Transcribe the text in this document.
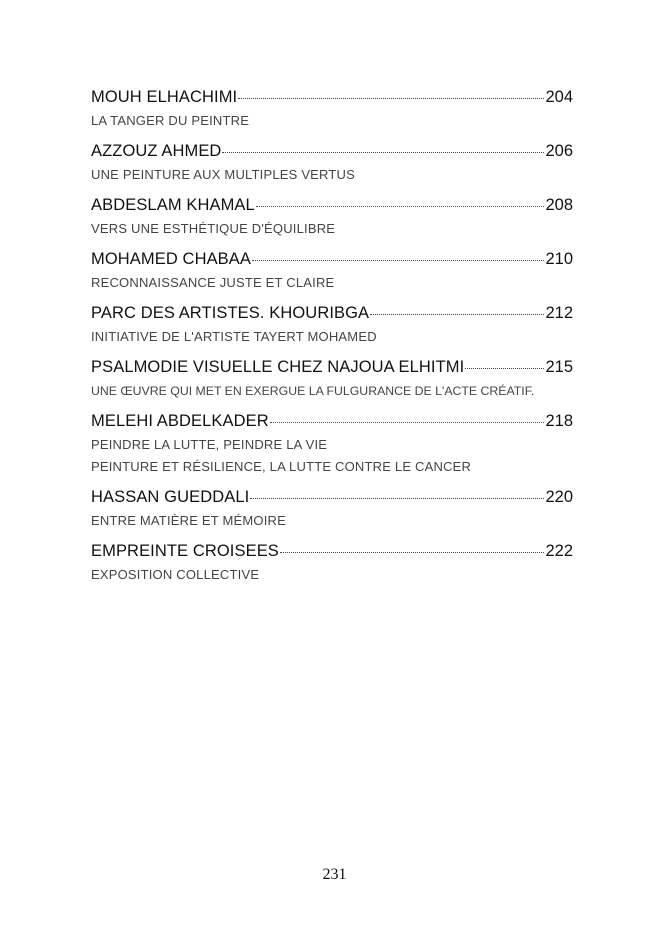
MOUH ELHACHIMI	204
LA TANGER DU PEINTRE
AZZOUZ AHMED	206
UNE PEINTURE AUX MULTIPLES VERTUS
ABDESLAM KHAMAL	208
VERS UNE ESTHÉTIQUE D'ÉQUILIBRE
MOHAMED CHABAA	210
RECONNAISSANCE JUSTE ET CLAIRE
PARC DES ARTISTES. KHOURIBGA	212
INITIATIVE DE L'ARTISTE TAYERT MOHAMED
PSALMODIE VISUELLE CHEZ NAJOUA ELHITMI	215
UNE ŒUVRE QUI MET EN EXERGUE LA FULGURANCE DE L'ACTE CRÉATIF.
MELEHI ABDELKADER	218
PEINDRE LA LUTTE, PEINDRE LA VIE
PEINTURE ET RÉSILIENCE, LA LUTTE CONTRE LE CANCER
HASSAN GUEDDALI	220
ENTRE MATIÈRE ET MÉMOIRE
EMPREINTE CROISEES	222
EXPOSITION COLLECTIVE
231
